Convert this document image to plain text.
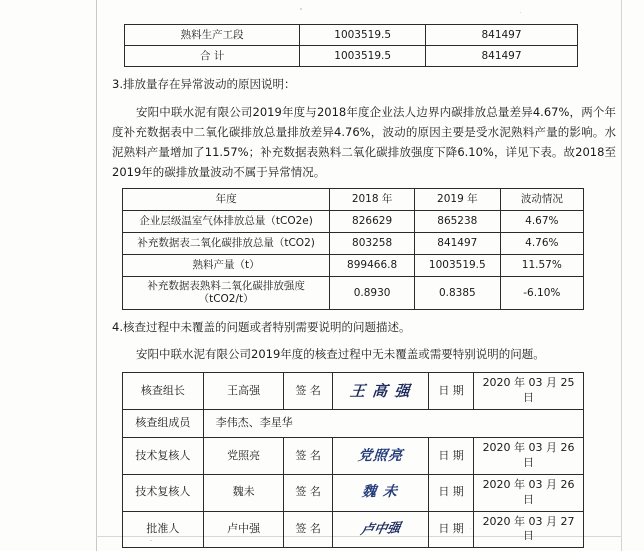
熟料生产工段	1003519.5	841497
合 计	1003519.5	841497
3.排放量存在异常波动的原因说明：
安阳中联水泥有限公司2019年度与2018年度企业法人边界内碳排放总量差异4.67%，两个年度补充数据表中二氧化碳排放总量排放差异4.76%，波动的原因主要是受水泥熟料产量的影响。水泥熟料产量增加了11.57%；补充数据表熟料二氧化碳排放强度下降6.10%，详见下表。故2018至2019年的碳排放量波动不属于异常情况。
年度	2018 年	2019 年	波动情况
企业层级温室气体排放总量（tCO2e)	826629	865238	4.67%
补充数据表二氧化碳排放总量（tCO2)	803258	841497	4.76%
熟料产量（t）	899466.8	1003519.5	11.57%
补充数据表熟料二氧化碳排放强度（tCO2/t）	0.8930	0.8385	-6.10%
4.核查过程中未覆盖的问题或者特别需要说明的问题描述。
安阳中联水泥有限公司2019年度的核查过程中无未覆盖或需要特别说明的问题。
核查组长	王高强	签 名	王 高 强	日 期	2020 年 03 月 25 日
核查组成员	李伟杰、李星华				
技术复核人	党照亮	签 名	党照亮	日 期	2020 年 03 月 26 日
技术复核人	魏未	签 名	魏 未	日 期	2020 年 03 月 26 日
批准人	卢中强	签 名	卢中强	日 期	2020 年 03 月 27 日
